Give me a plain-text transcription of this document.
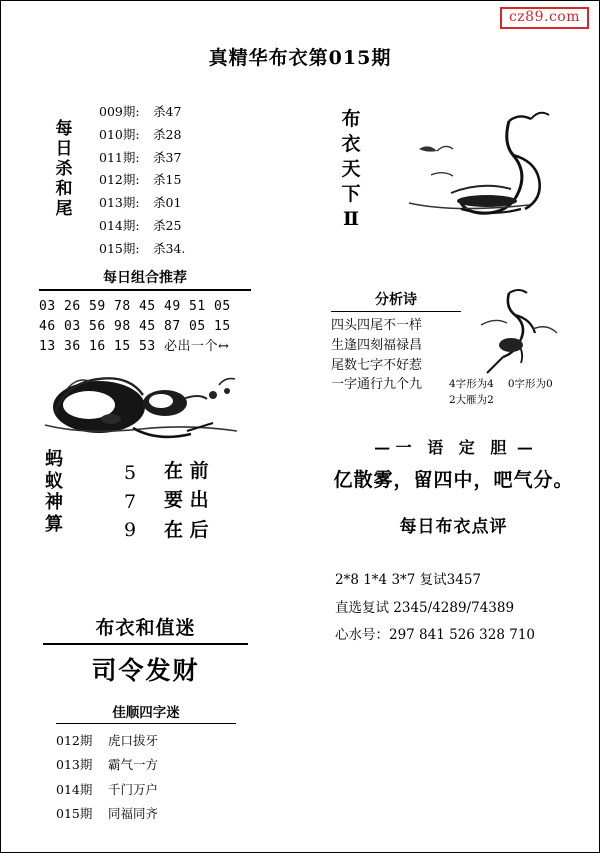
cz89.com
真精华布衣第015期
每
日
杀
和
尾
009期: 杀47
010期: 杀28
011期: 杀37
012期: 杀15
013期: 杀01
014期: 杀25
015期: 杀34.
每日组合推荐
03 26 59 78 45 49 51 05
46 03 56 98 45 87 05 15
13 36 16 15 53 必出一个↔
蚂
蚁
神
算
5
7
9
在 前
要 出
在 后
布衣和值迷
司令发财
佳顺四字迷
012期 虎口拔牙
013期 霸气一方
014期 千门万户
015期 同福同齐
布
衣
天
下
Ⅱ
分析诗
四头四尾不一样
生逢四刻福禄昌
尾数七字不好惹
一字通行九个九	4字形为4 0字形为0
2大雁为2
— 一 语 定 胆 —
亿散雾，留四中，吧气分。
每日布衣点评
2*8 1*4 3*7 复试3457
直选复试 2345/4289/74389
心水号：297 841 526 328 710
